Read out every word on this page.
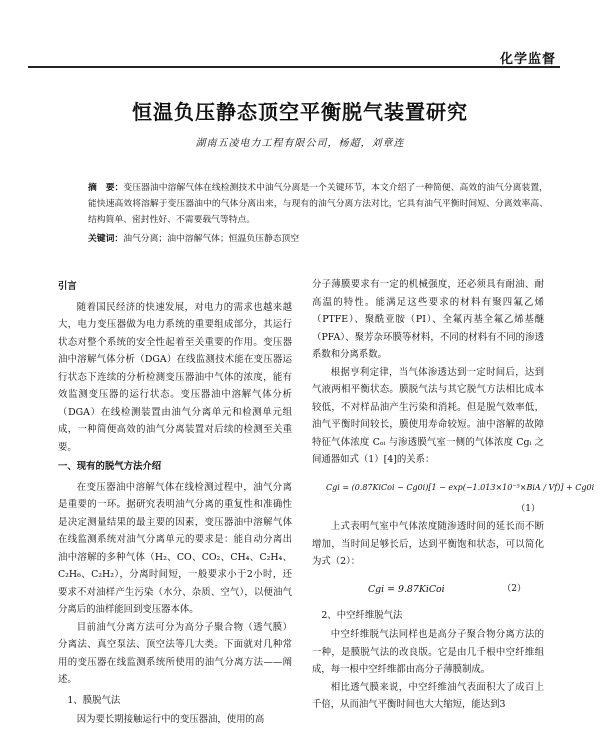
化学监督
恒温负压静态顶空平衡脱气装置研究
湖南五凌电力工程有限公司，杨超，刘章连
摘　要：变压器油中溶解气体在线检测技术中油气分离是一个关键环节，本文介绍了一种简便、高效的油气分离装置，能快速高效将溶解于变压器油中的气体分离出来，与现有的油气分离方法对比，它具有油气平衡时间短、分离效率高、结构简单、密封性好、不需要载气等特点。
关键词：油气分离；油中溶解气体；恒温负压静态顶空
引言

随着国民经济的快速发展，对电力的需求也越来越大，电力变压器做为电力系统的重要组成部分，其运行状态对整个系统的安全性起着至关重要的作用。变压器油中溶解气体分析（DGA）在线监测技术能在变压器运行状态下连续的分析检测变压器油中气体的浓度，能有效监测变压器的运行状态。变压器油中溶解气体分析（DGA）在线检测装置由油气分离单元和检测单元组成，一种简便高效的油气分离装置对后续的检测至关重要。

一、现有的脱气方法介绍

在变压器油中溶解气体在线检测过程中，油气分离是重要的一环。据研究表明油气分离的重复性和准确性是决定测量结果的最主要的因素，变压器油中溶解气体在线监测系统对油气分离单元的要求是：能自动分离出油中溶解的多种气体（H₂、CO、CO₂、CH₄、C₂H₄、C₂H₆、C₂H₂），分离时间短，一般要求小于2小时，还要求不对油样产生污染（水分、杂质、空气），以便油气分离后的油样能回到变压器本体。

目前油气分离方法可分为高分子聚合物（透气膜）分离法、真空泵法、顶空法等几大类。下面就对几种常用的变压器在线监测系统所使用的油气分离方法——阐述。

1、膜脱气法

因为要长期接触运行中的变压器油，使用的高

分子薄膜要求有一定的机械强度，还必须具有耐油、耐高温的特性。能满足这些要求的材料有聚四氟乙烯（PTFE）、聚酰亚胺（PI）、全氟丙基全氟乙烯基醚（PFA）、聚芳杂环膜等材料，不同的材料有不同的渗透系数和分离系数。

根据亨利定律，当气体渗透达到一定时间后，达到气液两相平衡状态。膜脱气法与其它脱气方法相比成本较低，不对样品油产生污染和消耗。但是脱气效率低，油气平衡时间较长，膜使用寿命较短。油中溶解的故障特征气体浓度 Cₒᵢ 与渗透膜气室一侧的气体浓度 Cgᵢ 之间通器如式（1）[4]的关系：

Cgi = (0.87KiCoi − Cg0i)[1 − exp(−1.013×10⁻⁵×BiA / Vf)] + Cg0i
（1）

上式表明气室中气体浓度随渗透时间的延长而不断增加，当时间足够长后，达到平衡饱和状态，可以简化为式（2）：

Cgi = 9.87KiCoi	（2）
2、中空纤维脱气法

中空纤维脱气法同样也是高分子聚合物分离方法的一种，是膜脱气法的改良版。它是由几千根中空纤维组成，每一根中空纤维都由高分子薄膜制成。

相比透气膜来说，中空纤维油气表面积大了成百上千倍，从而油气平衡时间也大大缩短，能达到3
